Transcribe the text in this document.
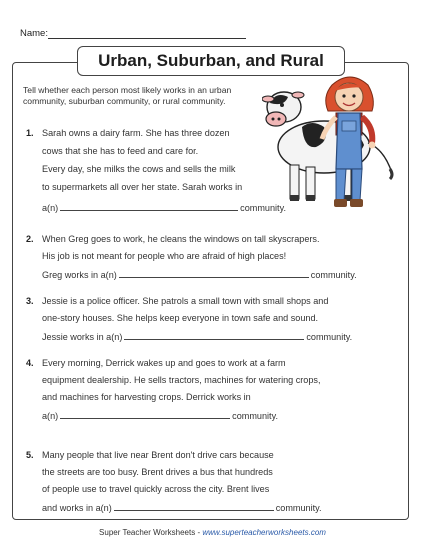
Name:
Urban, Suburban, and Rural
Tell whether each person most likely works in an urban community, suburban community, or rural community.
1. Sarah owns a dairy farm. She has three dozen
cows that she has to feed and care for.
Every day, she milks the cows and sells the milk
to supermarkets all over her state. Sarah works in
a(n)	community.
2. When Greg goes to work, he cleans the windows on tall skyscrapers.
His job is not meant for people who are afraid of high places!
Greg works in a(n)	community.
3. Jessie is a police officer. She patrols a small town with small shops and
one-story houses. She helps keep everyone in town safe and sound.
Jessie works in a(n)	community.
4. Every morning, Derrick wakes up and goes to work at a farm
equipment dealership. He sells tractors, machines for watering crops,
and machines for harvesting crops. Derrick works in
a(n)	community.
5. Many people that live near Brent don't drive cars because
the streets are too busy. Brent drives a bus that hundreds
of people use to travel quickly across the city. Brent lives
and works in a(n)	community.
Super Teacher Worksheets - www.superteacherworksheets.com
